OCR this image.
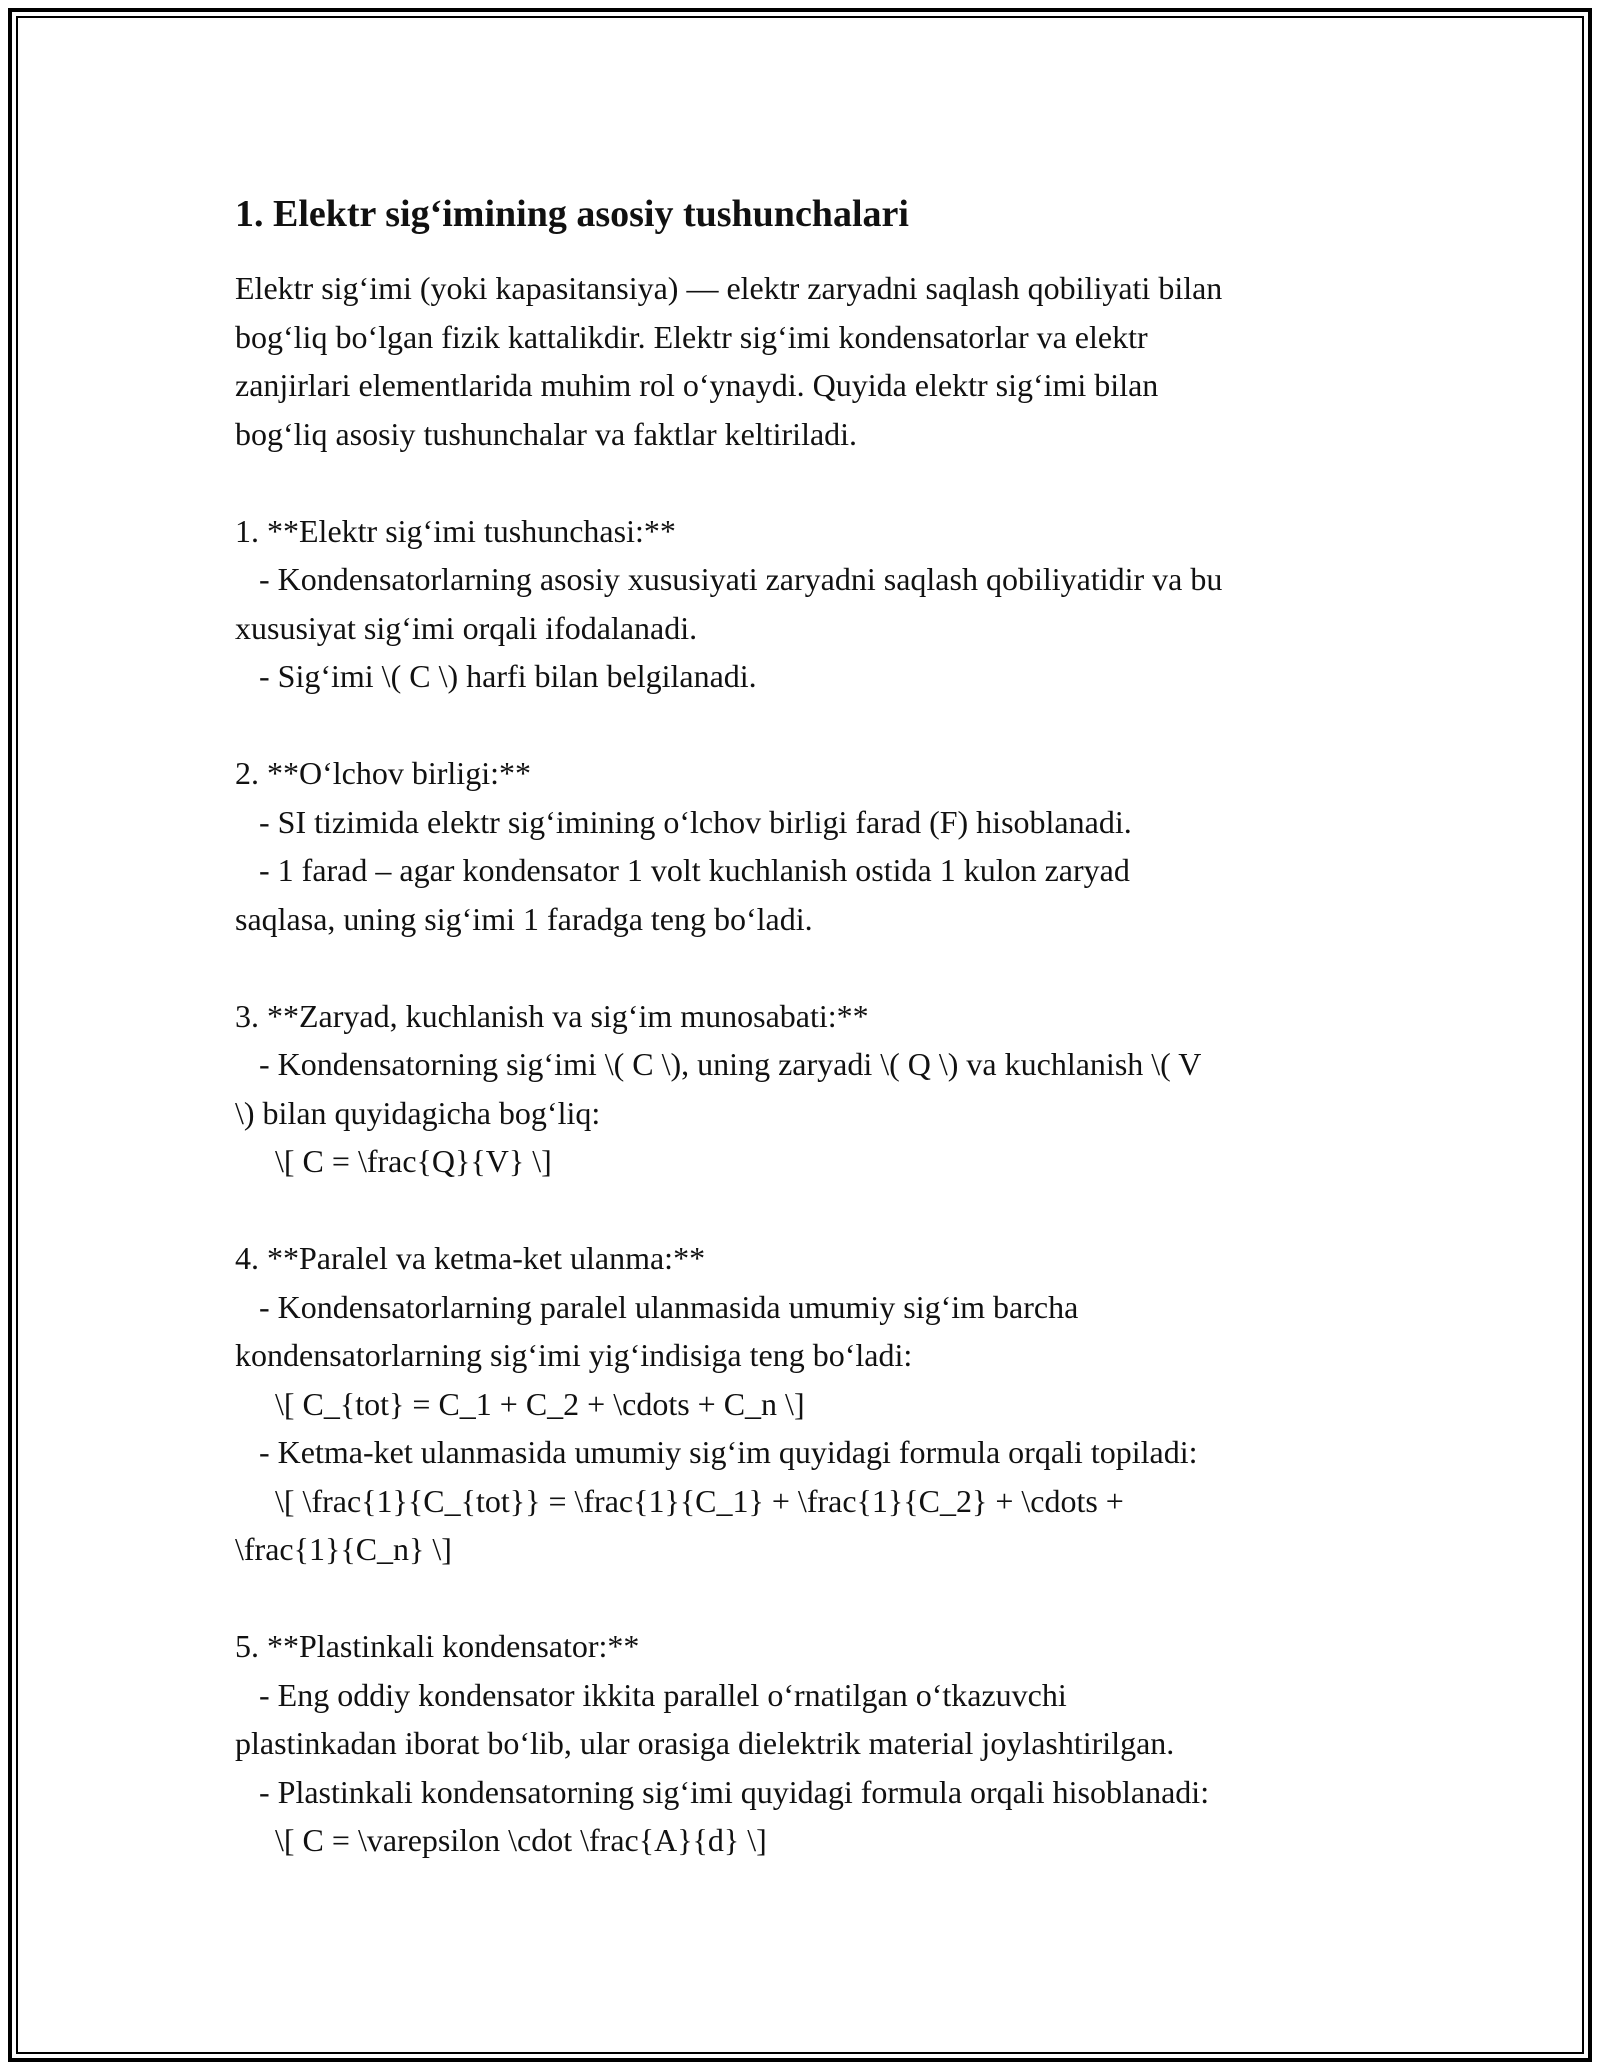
1. Elektr sig‘imining asosiy tushunchalari

Elektr sig‘imi (yoki kapasitansiya) — elektr zaryadni saqlash qobiliyati bilan
bog‘liq bo‘lgan fizik kattalikdir. Elektr sig‘imi kondensatorlar va elektr
zanjirlari elementlarida muhim rol o‘ynaydi. Quyida elektr sig‘imi bilan
bog‘liq asosiy tushunchalar va faktlar keltiriladi.

1. **Elektr sig‘imi tushunchasi:**
- Kondensatorlarning asosiy xususiyati zaryadni saqlash qobiliyatidir va bu
xususiyat sig‘imi orqali ifodalanadi.
- Sig‘imi \( C \) harfi bilan belgilanadi.

2. **O‘lchov birligi:**
- SI tizimida elektr sig‘imining o‘lchov birligi farad (F) hisoblanadi.
- 1 farad – agar kondensator 1 volt kuchlanish ostida 1 kulon zaryad
saqlasa, uning sig‘imi 1 faradga teng bo‘ladi.

3. **Zaryad, kuchlanish va sig‘im munosabati:**
- Kondensatorning sig‘imi \( C \), uning zaryadi \( Q \) va kuchlanish \( V
\) bilan quyidagicha bog‘liq:
\[ C = \frac{Q}{V} \]

4. **Paralel va ketma-ket ulanma:**
- Kondensatorlarning paralel ulanmasida umumiy sig‘im barcha
kondensatorlarning sig‘imi yig‘indisiga teng bo‘ladi:
\[ C_{tot} = C_1 + C_2 + \cdots + C_n \]
- Ketma-ket ulanmasida umumiy sig‘im quyidagi formula orqali topiladi:
\[ \frac{1}{C_{tot}} = \frac{1}{C_1} + \frac{1}{C_2} + \cdots +
\frac{1}{C_n} \]

5. **Plastinkali kondensator:**
- Eng oddiy kondensator ikkita parallel o‘rnatilgan o‘tkazuvchi
plastinkadan iborat bo‘lib, ular orasiga dielektrik material joylashtirilgan.
- Plastinkali kondensatorning sig‘imi quyidagi formula orqali hisoblanadi:
\[ C = \varepsilon \cdot \frac{A}{d} \]
